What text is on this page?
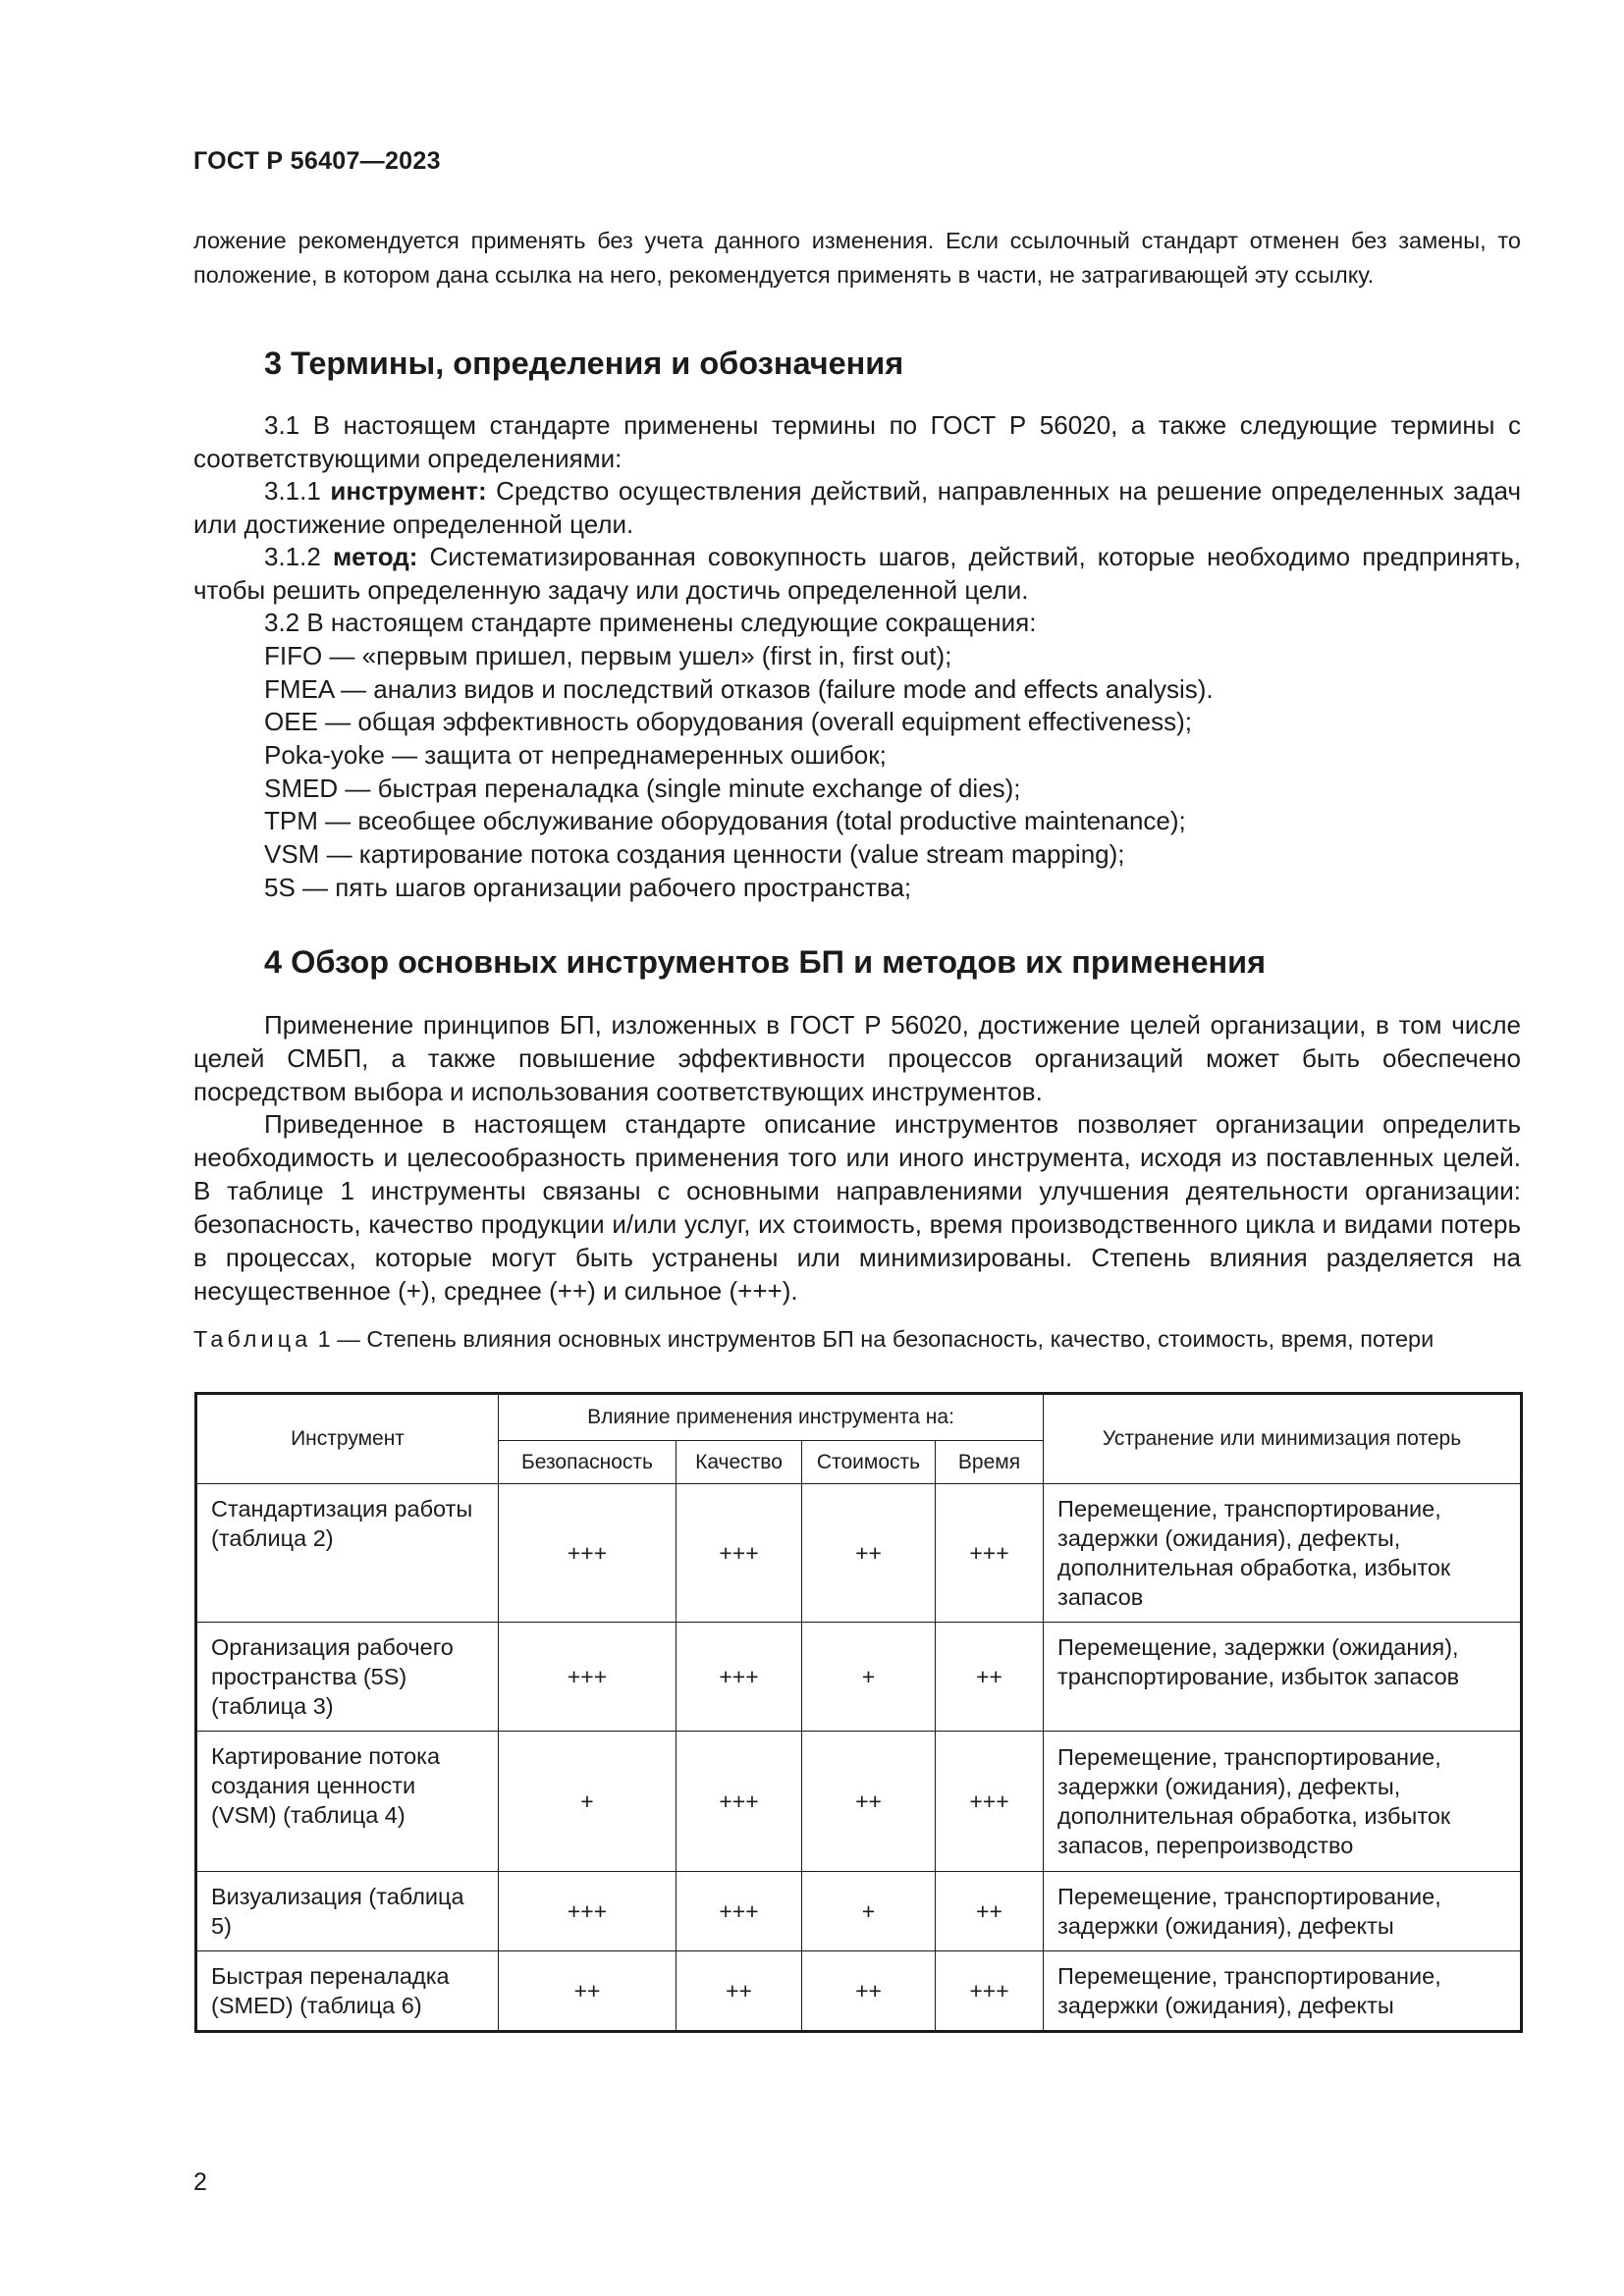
ГОСТ Р 56407—2023

ложение рекомендуется применять без учета данного изменения. Если ссылочный стандарт отменен без замены, то положение, в котором дана ссылка на него, рекомендуется применять в части, не затрагивающей эту ссылку.

3 Термины, определения и обозначения

3.1 В настоящем стандарте применены термины по ГОСТ Р 56020, а также следующие термины с соответствующими определениями:

3.1.1 инструмент: Средство осуществления действий, направленных на решение определенных задач или достижение определенной цели.

3.1.2 метод: Систематизированная совокупность шагов, действий, которые необходимо предпринять, чтобы решить определенную задачу или достичь определенной цели.

3.2 В настоящем стандарте применены следующие сокращения:

FIFO — «первым пришел, первым ушел» (first in, first out);

FMEA — анализ видов и последствий отказов (failure mode and effects analysis).

OEE — общая эффективность оборудования (overall equipment effectiveness);

Poka-yoke — защита от непреднамеренных ошибок;

SMED — быстрая переналадка (single minute exchange of dies);

TPM — всеобщее обслуживание оборудования (total productive maintenance);

VSM — картирование потока создания ценности (value stream mapping);

5S — пять шагов организации рабочего пространства;

4 Обзор основных инструментов БП и методов их применения

Применение принципов БП, изложенных в ГОСТ Р 56020, достижение целей организации, в том числе целей СМБП, а также повышение эффективности процессов организаций может быть обеспечено посредством выбора и использования соответствующих инструментов.

Приведенное в настоящем стандарте описание инструментов позволяет организации определить необходимость и целесообразность применения того или иного инструмента, исходя из поставленных целей. В таблице 1 инструменты связаны с основными направлениями улучшения деятельности организации: безопасность, качество продукции и/или услуг, их стоимость, время производственного цикла и видами потерь в процессах, которые могут быть устранены или минимизированы. Степень влияния разделяется на несущественное (+), среднее (++) и сильное (+++).

Таблица 1 — Степень влияния основных инструментов БП на безопасность, качество, стоимость, время, потери

Инструмент	Влияние применения инструмента на:				Устранение или минимизация потерь
	Безопасность	Качество	Стоимость	Время	
Стандартизация работы (таблица 2)	+++	+++	++	+++	Перемещение, транспортирование, задержки (ожидания), дефекты, дополнительная обработка, избыток запасов
Организация рабочего пространства (5S) (таблица 3)	+++	+++	+	++	Перемещение, задержки (ожидания), транспортирование, избыток запасов
Картирование потока создания ценности (VSM) (таблица 4)	+	+++	++	+++	Перемещение, транспортирование, задержки (ожидания), дефекты, дополнительная обработка, избыток запасов, перепроизводство
Визуализация (таблица 5)	+++	+++	+	++	Перемещение, транспортирование, задержки (ожидания), дефекты
Быстрая переналадка (SMED) (таблица 6)	++	++	++	+++	Перемещение, транспортирование, задержки (ожидания), дефекты
2
